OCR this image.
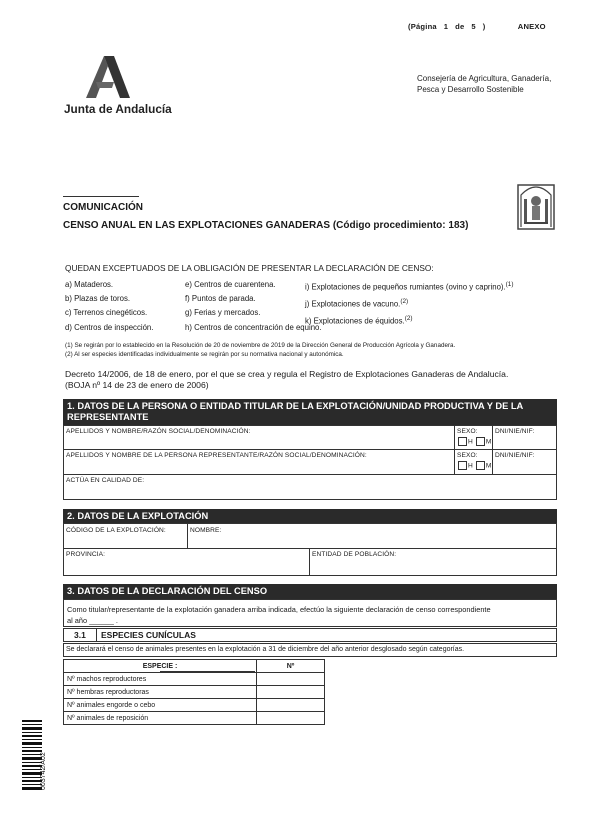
(Página 1 de 5 )	ANEXO
Junta de Andalucía
Consejería de Agricultura, Ganadería,
Pesca y Desarrollo Sostenible
COMUNICACIÓN
CENSO ANUAL EN LAS EXPLOTACIONES GANADERAS (Código procedimiento: 183)
QUEDAN EXCEPTUADOS DE LA OBLIGACIÓN DE PRESENTAR LA DECLARACIÓN DE CENSO:
a) Mataderos.
b) Plazas de toros.
c) Terrenos cinegéticos.
d) Centros de inspección.
e) Centros de cuarentena.
f) Puntos de parada.
g) Ferias y mercados.
h) Centros de concentración de equino.
i) Explotaciones de pequeños rumiantes (ovino y caprino).$^{(1)}$
j) Explotaciones de vacuno.$^{(2)}$
k) Explotaciones de équidos.$^{(2)}$
(1) Se regirán por lo establecido en la Resolución de 20 de noviembre de 2019 de la Dirección General de Producción Agrícola y Ganadera.
(2) Al ser especies identificadas individualmente se regirán por su normativa nacional y autonómica.
Decreto 14/2006, de 18 de enero, por el que se crea y regula el Registro de Explotaciones Ganaderas de Andalucía.
(BOJA nº 14 de 23 de enero de 2006)
1. DATOS DE LA PERSONA O ENTIDAD TITULAR DE LA EXPLOTACIÓN/UNIDAD PRODUCTIVA Y DE LA
REPRESENTANTE
APELLIDOS Y NOMBRE/RAZÓN SOCIAL/DENOMINACIÓN:	SEXO:
H M
DNI/NIE/NIF:
APELLIDOS Y NOMBRE DE LA PERSONA REPRESENTANTE/RAZÓN SOCIAL/DENOMINACIÓN:	SEXO:
H M
DNI/NIE/NIF:
ACTÚA EN CALIDAD DE:
2. DATOS DE LA EXPLOTACIÓN
CÓDIGO DE LA EXPLOTACIÓN:	NOMBRE:
PROVINCIA:	ENTIDAD DE POBLACIÓN:
3. DATOS DE LA DECLARACIÓN DEL CENSO
Como titular/representante de la explotación ganadera arriba indicada, efectúo la siguiente declaración de censo correspondiente
al año ______ .
3.1 ESPECIES CUNÍCULAS
Se declarará el censo de animales presentes en la explotación a 31 de diciembre del año anterior desglosado según categorías.
ESPECIE :	Nº
Nº machos reproductores	
Nº hembras reproductoras	
Nº animales engorde o cebo	
Nº animales de reposición	
003742/A02
